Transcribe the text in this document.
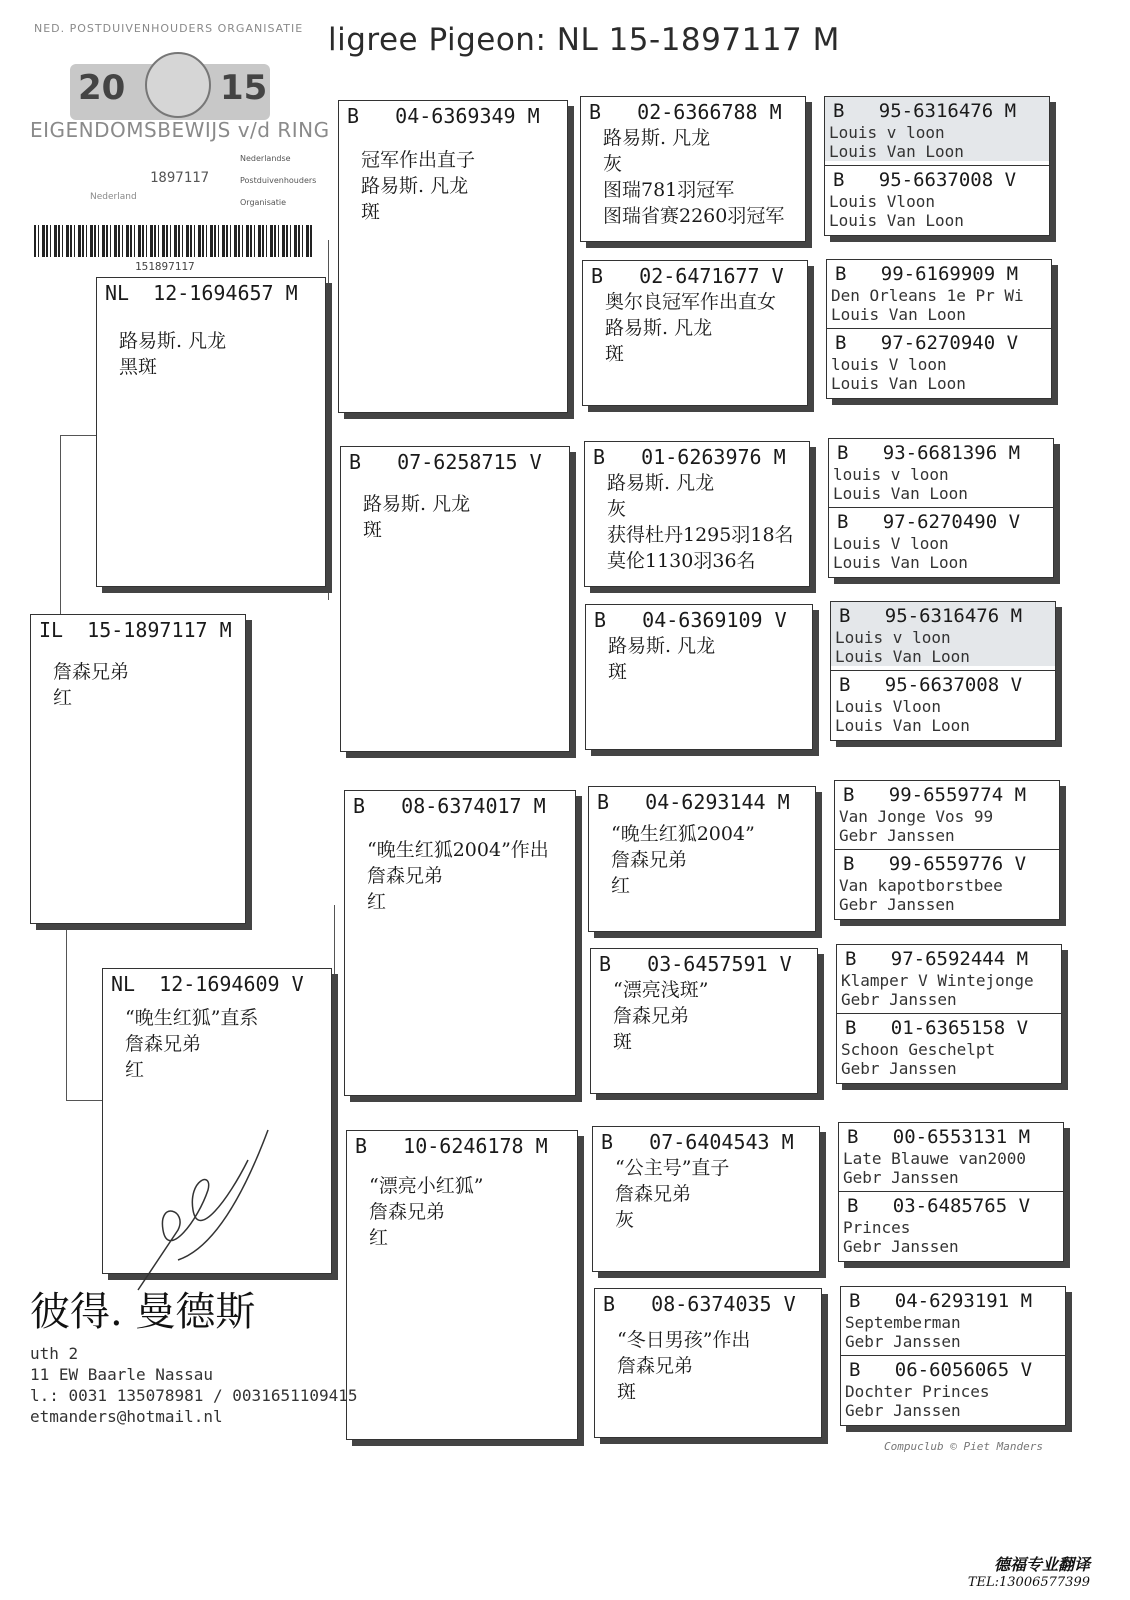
ligree Pigeon: NL 15-1897117 M
NED. POSTDUIVENHOUDERS ORGANISATIE
20	15
EIGENDOMSBEWIJS v/d RING
1897117
Nederland
Nederlandse
Postduivenhouders
Organisatie
151897117
IL  15-1897117 M
詹森兄弟
红
NL  12-1694657 M
路易斯. 凡龙
黑斑
NL  12-1694609 V
“晚生红狐”直系
詹森兄弟
红
B   04-6369349 M
冠军作出直子
路易斯. 凡龙
斑
B   07-6258715 V
路易斯. 凡龙
斑
B   08-6374017 M
“晚生红狐2004”作出
詹森兄弟
红
B   10-6246178 M
“漂亮小红狐”
詹森兄弟
红
B   02-6366788 M
路易斯. 凡龙
灰
图瑞781羽冠军
图瑞省赛2260羽冠军
B   02-6471677 V
奥尔良冠军作出直女
路易斯. 凡龙
斑
B   01-6263976 M
路易斯. 凡龙
灰
获得杜丹1295羽18名
莫伦1130羽36名
B   04-6369109 V
路易斯. 凡龙
斑
B   04-6293144 M
“晚生红狐2004”
詹森兄弟
红
B   03-6457591 V
“漂亮浅斑”
詹森兄弟
斑
B   07-6404543 M
“公主号”直子
詹森兄弟
灰
B   08-6374035 V
“冬日男孩”作出
詹森兄弟
斑
B   95-6316476 M
Louis v loon
Louis Van Loon
B   95-6637008 V
Louis Vloon
Louis Van Loon
B   99-6169909 M
Den Orleans 1e Pr Wi
Louis Van Loon
B   97-6270940 V
louis V loon
Louis Van Loon
B   93-6681396 M
louis v loon
Louis Van Loon
B   97-6270490 V
Louis V loon
Louis Van Loon
B   95-6316476 M
Louis v loon
Louis Van Loon
B   95-6637008 V
Louis Vloon
Louis Van Loon
B   99-6559774 M
Van Jonge Vos 99
Gebr Janssen
B   99-6559776 V
Van kapotborstbee
Gebr Janssen
B   97-6592444 M
Klamper V Wintejonge
Gebr Janssen
B   01-6365158 V
Schoon Geschelpt
Gebr Janssen
B   00-6553131 M
Late Blauwe van2000
Gebr Janssen
B   03-6485765 V
Princes
Gebr Janssen
B   04-6293191 M
Septemberman
Gebr Janssen
B   06-6056065 V
Dochter Princes
Gebr Janssen
彼得. 曼德斯
uth 2
11 EW Baarle Nassau
l.: 0031 135078981 / 0031651109415
etmanders@hotmail.nl
Compuclub © Piet Manders
德福专业翻译
TEL:13006577399
